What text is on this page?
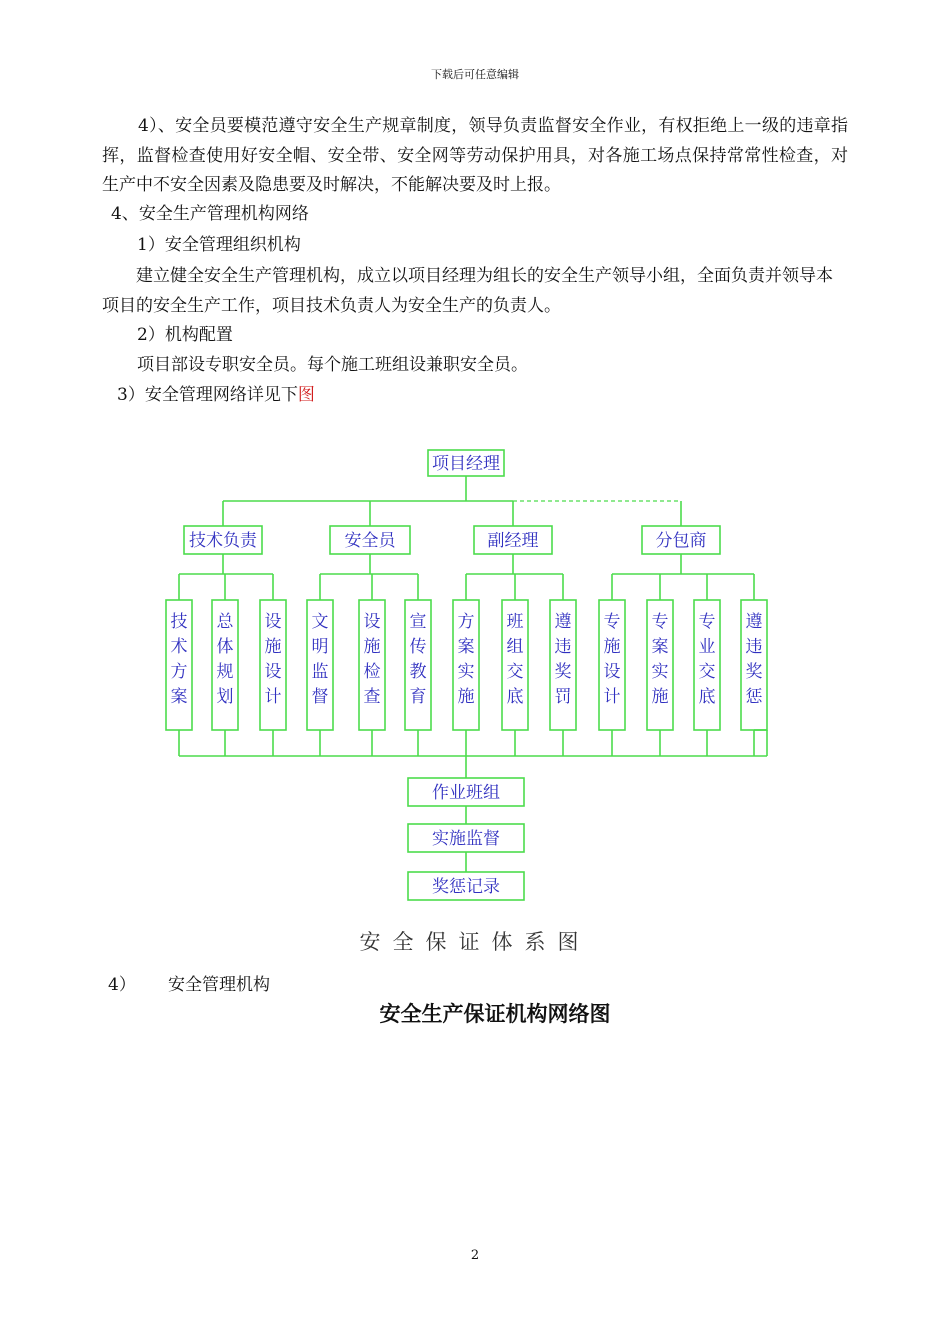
下载后可任意编辑

4）、安全员要模范遵守安全生产规章制度，领导负责监督安全作业，有权拒绝上一级的违章指挥，监督检查使用好安全帽、安全带、安全网等劳动保护用具，对各施工场点保持常常性检查，对生产中不安全因素及隐患要及时解决，不能解决要及时上报。

4、安全生产管理机构网络
1）安全管理组织机构

建立健全安全生产管理机构，成立以项目经理为组长的安全生产领导小组，全面负责并领导本项目的安全生产工作，项目技术负责人为安全生产的负责人。

2）机构配置
项目部设专职安全员。每个施工班组设兼职安全员。
3）安全管理网络详见下图
项目经理
技术负责	安全员	副经理	分包商
技
术
方
案
总
体
规
划
设
施
设
计
文
明
监
督
设
施
检
查
宣
传
教
育
方
案
实
施
班
组
交
底
遵
违
奖
罚
专
施
设
计
专
案
实
施
专
业
交
底
遵
违
奖
惩
作业班组
实施监督
奖惩记录
安全保证体系图
4） 安全管理机构
安全生产保证机构网络图
2
